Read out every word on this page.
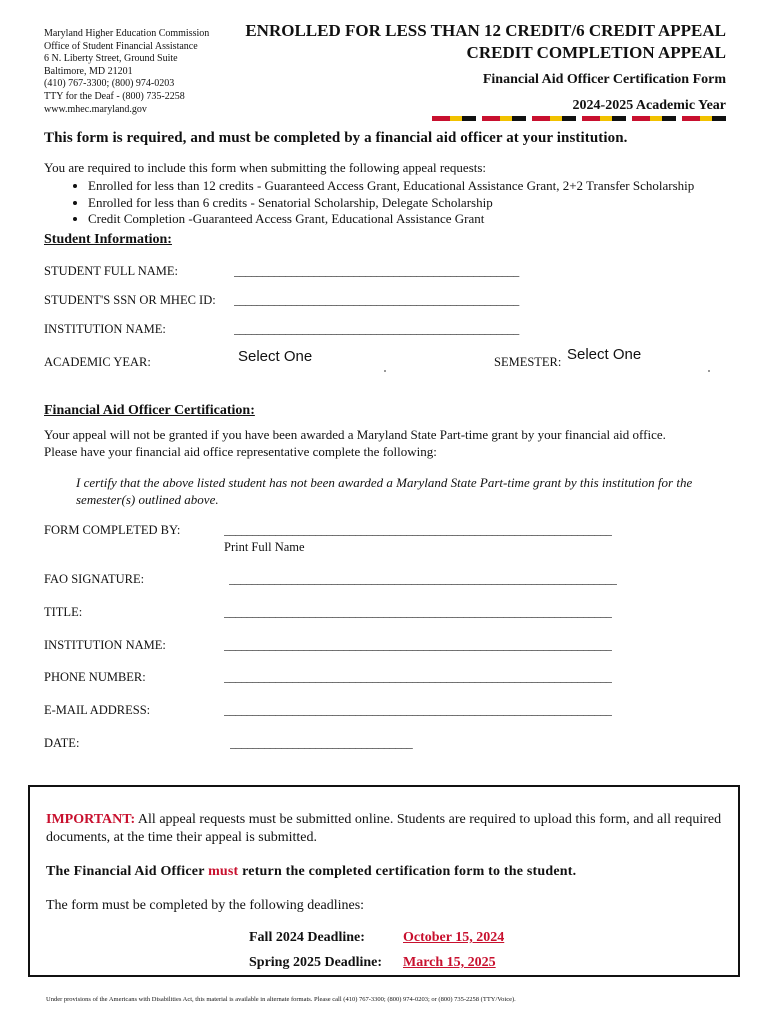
Maryland Higher Education Commission
Office of Student Financial Assistance
6 N. Liberty Street, Ground Suite
Baltimore, MD 21201
(410) 767-3300; (800) 974-0203
TTY for the Deaf - (800) 735-2258
www.mhec.maryland.gov
ENROLLED FOR LESS THAN 12 CREDIT/6 CREDIT APPEAL
CREDIT COMPLETION APPEAL
Financial Aid Officer Certification Form
2024-2025 Academic Year
This form is required, and must be completed by a financial aid officer at your institution.
You are required to include this form when submitting the following appeal requests:
• Enrolled for less than 12 credits - Guaranteed Access Grant, Educational Assistance Grant, 2+2 Transfer Scholarship
• Enrolled for less than 6 credits - Senatorial Scholarship, Delegate Scholarship
• Credit Completion -Guaranteed Access Grant, Educational Assistance Grant
Student Information:
STUDENT FULL NAME:	__________________________________________________
STUDENT'S SSN OR MHEC ID: __________________________________________________
INSTITUTION NAME:	__________________________________________________
ACADEMIC YEAR:	Select One	SEMESTER: Select One
Financial Aid Officer Certification:
Your appeal will not be granted if you have been awarded a Maryland State Part-time grant by your financial aid office.
Please have your financial aid office representative complete the following:
I certify that the above listed student has not been awarded a Maryland State Part-time grant by this institution for the semester(s) outlined above.
FORM COMPLETED BY:	____________________________________________________________________
Print Full Name
FAO SIGNATURE:	____________________________________________________________________
TITLE:	____________________________________________________________________
INSTITUTION NAME:	____________________________________________________________________
PHONE NUMBER:	____________________________________________________________________
E-MAIL ADDRESS:	____________________________________________________________________
DATE:	________________________________
IMPORTANT: All appeal requests must be submitted online. Students are required to upload this form, and all required documents, at the time their appeal is submitted.
The Financial Aid Officer must return the completed certification form to the student.
The form must be completed by the following deadlines:
Fall 2024 Deadline:	October 15, 2024
Spring 2025 Deadline: March 15, 2025
Under provisions of the Americans with Disabilities Act, this material is available in alternate formats. Please call (410) 767-3300; (800) 974-0203; or (800) 735-2258 (TTY/Voice).
